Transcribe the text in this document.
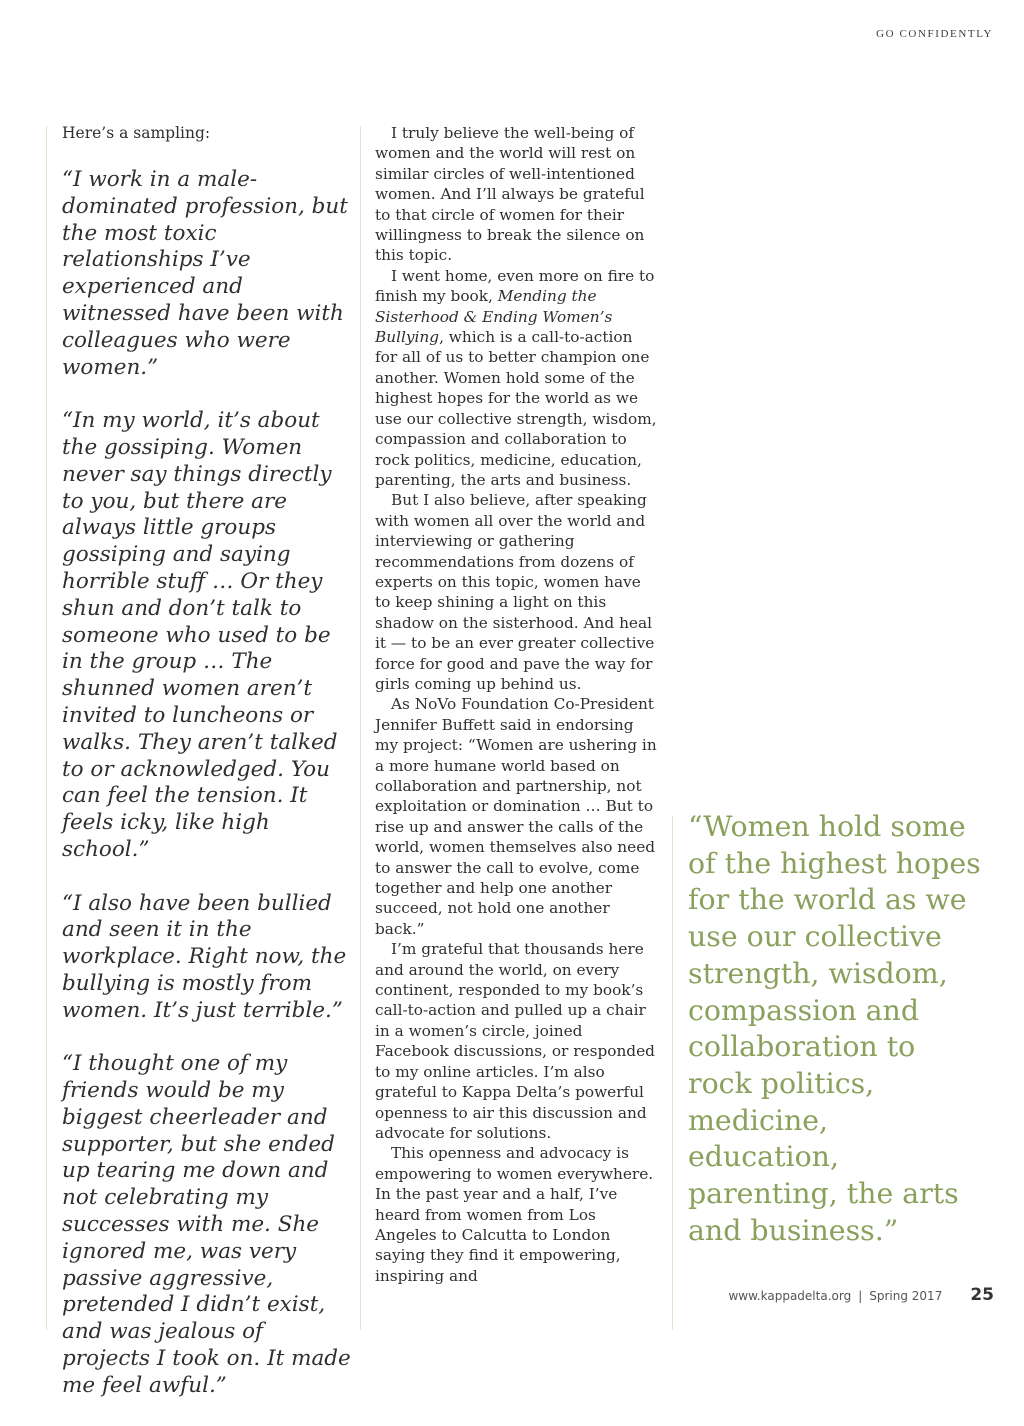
GO CONFIDENTLY

Here’s a sampling:

“I work in a male-dominated profession, but the most toxic relationships I’ve experienced and witnessed have been with colleagues who were women.”

“In my world, it’s about the gossiping. Women never say things directly to you, but there are always little groups gossiping and saying horrible stuff … Or they shun and don’t talk to someone who used to be in the group … The shunned women aren’t invited to luncheons or walks. They aren’t talked to or acknowledged. You can feel the tension. It feels icky, like high school.”

“I also have been bullied and seen it in the workplace. Right now, the bullying is mostly from women. It’s just terrible.”

“I thought one of my friends would be my biggest cheerleader and supporter, but she ended up tearing me down and not celebrating my successes with me. She ignored me, was very passive aggressive, pretended I didn’t exist, and was jealous of projects I took on. It made me feel awful.”

I truly believe the well-being of women and the world will rest on similar circles of well-intentioned women. And I’ll always be grateful to that circle of women for their willingness to break the silence on this topic.

I went home, even more on fire to finish my book, Mending the Sisterhood & Ending Women’s Bullying, which is a call-to-action for all of us to better champion one another. Women hold some of the highest hopes for the world as we use our collective strength, wisdom, compassion and collaboration to rock politics, medicine, education, parenting, the arts and business.

But I also believe, after speaking with women all over the world and interviewing or gathering recommendations from dozens of experts on this topic, women have to keep shining a light on this shadow on the sisterhood. And heal it — to be an ever greater collective force for good and pave the way for girls coming up behind us.

As NoVo Foundation Co-President Jennifer Buffett said in endorsing my project: “Women are ushering in a more humane world based on collaboration and partnership, not exploitation or domination … But to rise up and answer the calls of the world, women themselves also need to answer the call to evolve, come together and help one another succeed, not hold one another back.”

I’m grateful that thousands here and around the world, on every continent, responded to my book’s call-to-action and pulled up a chair in a women’s circle, joined Facebook discussions, or responded to my online articles. I’m also grateful to Kappa Delta’s powerful openness to air this discussion and advocate for solutions.

This openness and advocacy is empowering to women everywhere. In the past year and a half, I’ve heard from women from Los Angeles to Calcutta to London saying they find it empowering, inspiring and

“Women hold some of the highest hopes for the world as we use our collective strength, wisdom, compassion and collaboration to rock politics, medicine, education, parenting, the arts and business.”
www.kappadelta.org | Spring 2017 25
